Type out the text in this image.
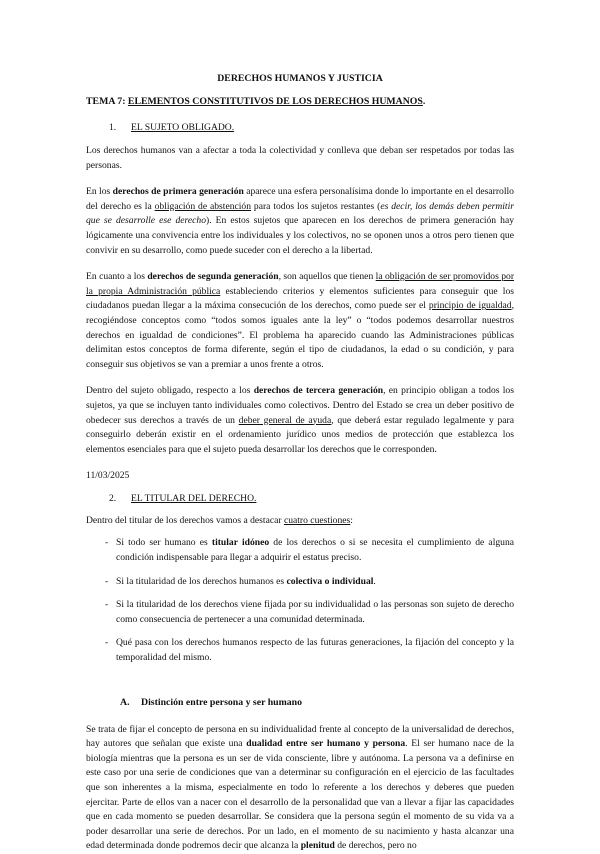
DERECHOS HUMANOS Y JUSTICIA

TEMA 7: ELEMENTOS CONSTITUTIVOS DE LOS DERECHOS HUMANOS.

1. EL SUJETO OBLIGADO.

Los derechos humanos van a afectar a toda la colectividad y conlleva que deban ser respetados por todas las personas.

En los derechos de primera generación aparece una esfera personalísima donde lo importante en el desarrollo del derecho es la obligación de abstención para todos los sujetos restantes (es decir, los demás deben permitir que se desarrolle ese derecho). En estos sujetos que aparecen en los derechos de primera generación hay lógicamente una convivencia entre los individuales y los colectivos, no se oponen unos a otros pero tienen que convivir en su desarrollo, como puede suceder con el derecho a la libertad.

En cuanto a los derechos de segunda generación, son aquellos que tienen la obligación de ser promovidos por la propia Administración pública estableciendo criterios y elementos suficientes para conseguir que los ciudadanos puedan llegar a la máxima consecución de los derechos, como puede ser el principio de igualdad, recogiéndose conceptos como “todos somos iguales ante la ley” o “todos podemos desarrollar nuestros derechos en igualdad de condiciones”. El problema ha aparecido cuando las Administraciones públicas delimitan estos conceptos de forma diferente, según el tipo de ciudadanos, la edad o su condición, y para conseguir sus objetivos se van a premiar a unos frente a otros.

Dentro del sujeto obligado, respecto a los derechos de tercera generación, en principio obligan a todos los sujetos, ya que se incluyen tanto individuales como colectivos. Dentro del Estado se crea un deber positivo de obedecer sus derechos a través de un deber general de ayuda, que deberá estar regulado legalmente y para conseguirlo deberán existir en el ordenamiento jurídico unos medios de protección que establezca los elementos esenciales para que el sujeto pueda desarrollar los derechos que le corresponden.

11/03/2025

2. EL TITULAR DEL DERECHO.

Dentro del titular de los derechos vamos a destacar cuatro cuestiones:

- Si todo ser humano es titular idóneo de los derechos o si se necesita el cumplimiento de alguna condición indispensable para llegar a adquirir el estatus preciso.

- Si la titularidad de los derechos humanos es colectiva o individual.

- Si la titularidad de los derechos viene fijada por su individualidad o las personas son sujeto de derecho como consecuencia de pertenecer a una comunidad determinada.

- Qué pasa con los derechos humanos respecto de las futuras generaciones, la fijación del concepto y la temporalidad del mismo.

A. Distinción entre persona y ser humano

Se trata de fijar el concepto de persona en su individualidad frente al concepto de la universalidad de derechos, hay autores que señalan que existe una dualidad entre ser humano y persona. El ser humano nace de la biología mientras que la persona es un ser de vida consciente, libre y autónoma. La persona va a definirse en este caso por una serie de condiciones que van a determinar su configuración en el ejercicio de las facultades que son inherentes a la misma, especialmente en todo lo referente a los derechos y deberes que pueden ejercitar. Parte de ellos van a nacer con el desarrollo de la personalidad que van a llevar a fijar las capacidades que en cada momento se pueden desarrollar. Se considera que la persona según el momento de su vida va a poder desarrollar una serie de derechos. Por un lado, en el momento de su nacimiento y hasta alcanzar una edad determinada donde podremos decir que alcanza la plenitud de derechos, pero no
